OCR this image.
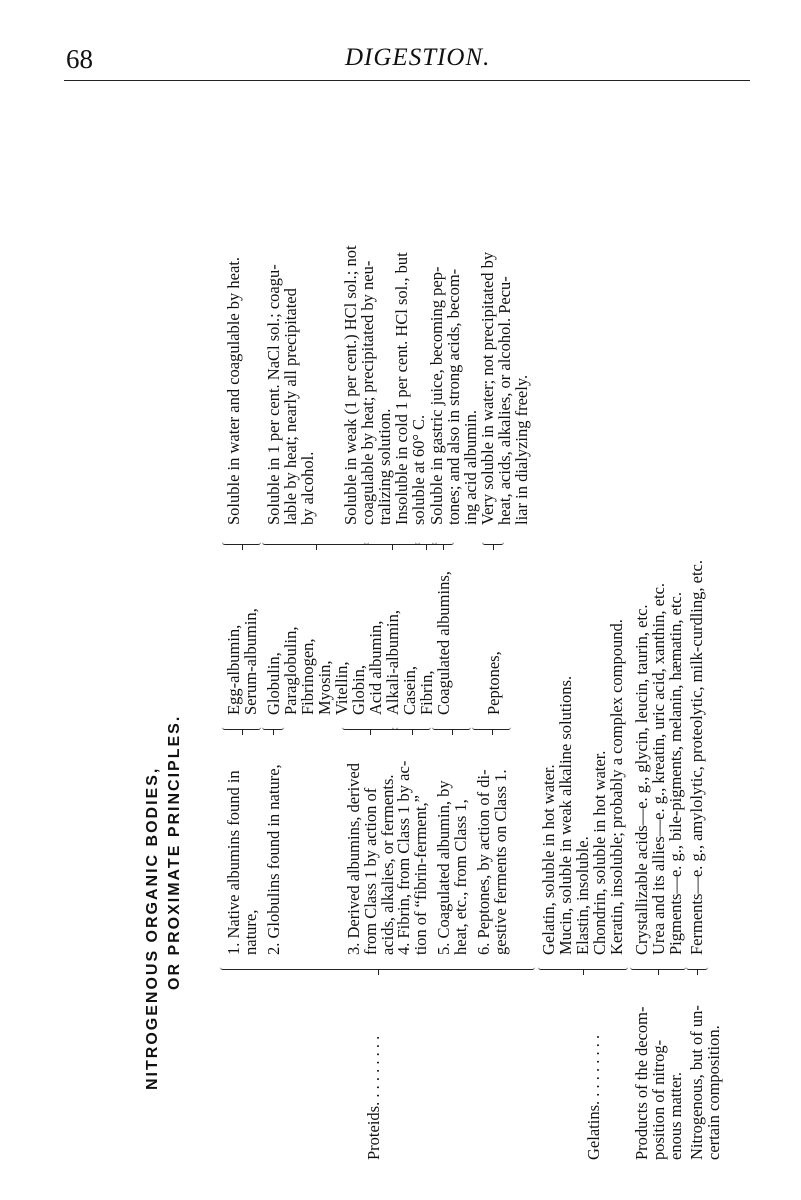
68	DIGESTION.
NITROGENOUS ORGANIC BODIES, OR PROXIMATE PRINCIPLES.
Proteids. . . . . . . . .
1. Native albumins found in
nature, 2. Globulins found in nature,	3. Derived albumins, derived
from Class 1 by action of
acids, alkalies, or ferments.
4. Fibrin, from Class 1 by ac-
tion of “fibrin-ferment,” 5. Coagulated albumin, by
heat, etc., from Class 1, 6. Peptones, by action of di-
gestive ferments on Class 1.
Egg-albumin,
Serum-albumin, Globulin,
Paraglobulin,
Fibrinogen,
Myosin,
Vitellin,
Globin,
Acid albumin,
Alkali-albumin,
Casein,
Fibrin,
Coagulated albumins, Peptones,
Soluble in water and coagulable by heat. Soluble in 1 per cent. NaCl sol.; coagu-
lable by heat; nearly all precipitated
by alcohol. Soluble in weak (1 per cent.) HCl sol.; not
coagulable by heat; precipitated by neu-
tralizing solution.
Insoluble in cold 1 per cent. HCl sol., but
soluble at 60° C. Soluble in gastric juice, becoming pep-
tones; and also in strong acids, becom-
ing acid albumin.
Very soluble in water; not precipitated by
heat, acids, alkalies, or alcohol. Pecu-
liar in dialyzing freely.
Gelatins. . . . . . . . .
Gelatin, soluble in hot water.
Mucin, soluble in weak alkaline solutions.
Elastin, insoluble.
Chondrin, soluble in hot water.
Keratin, insoluble; probably a complex compound.
Products of the decom-
position of nitrog-
enous matter.
Crystallizable acids—e. g., glycin, leucin, taurin, etc.
Urea and its allies—e. g., kreatin, uric acid, xanthin, etc.
Pigments—e. g., bile-pigments, melanin, hæmatin, etc.
Nitrogenous, but of un-
certain composition.
Ferments—e. g., amylolytic, proteolytic, milk-curdling, etc.
